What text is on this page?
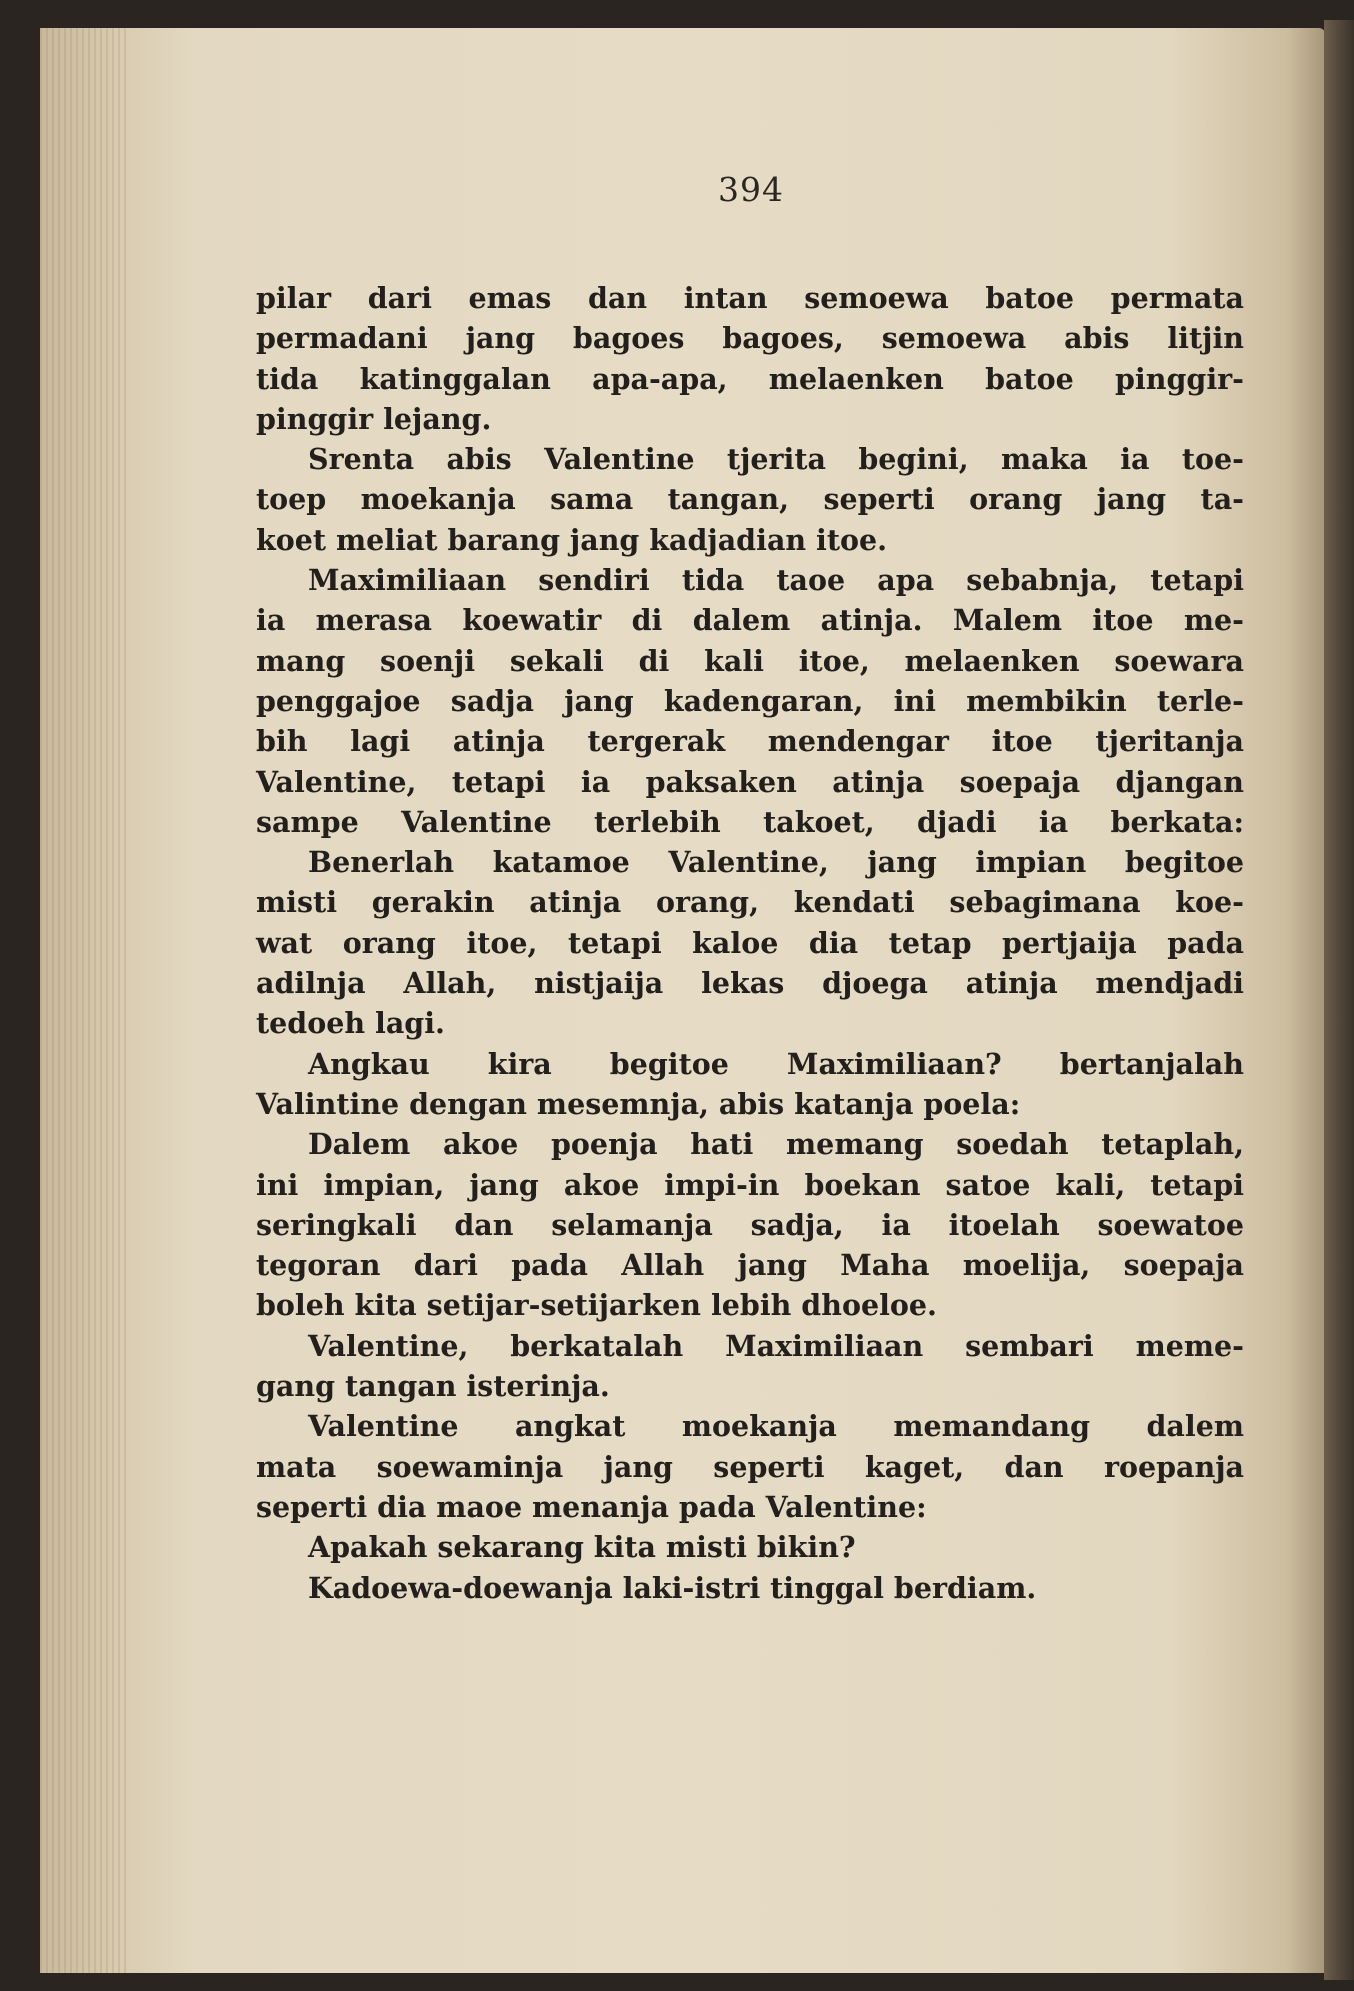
394

pilar dari emas dan intan semoewa batoe permata

permadani jang bagoes bagoes, semoewa abis litjin

tida katinggalan apa-apa, melaenken batoe pinggir-

pinggir lejang.

Srenta abis Valentine tjerita begini, maka ia toe-

toep moekanja sama tangan, seperti orang jang ta-

koet meliat barang jang kadjadian itoe.

Maximiliaan sendiri tida taoe apa sebabnja, tetapi

ia merasa koewatir di dalem atinja. Malem itoe me-

mang soenji sekali di kali itoe, melaenken soewara

penggajoe sadja jang kadengaran, ini membikin terle-

bih lagi atinja tergerak mendengar itoe tjeritanja

Valentine, tetapi ia paksaken atinja soepaja djangan

sampe Valentine terlebih takoet, djadi ia berkata:

Benerlah katamoe Valentine, jang impian begitoe

misti gerakin atinja orang, kendati sebagimana koe-

wat orang itoe, tetapi kaloe dia tetap pertjaija pada

adilnja Allah, nistjaija lekas djoega atinja mendjadi

tedoeh lagi.

Angkau kira begitoe Maximiliaan? bertanjalah

Valintine dengan mesemnja, abis katanja poela:

Dalem akoe poenja hati memang soedah tetaplah,

ini impian, jang akoe impi-in boekan satoe kali, tetapi

seringkali dan selamanja sadja, ia itoelah soewatoe

tegoran dari pada Allah jang Maha moelija, soepaja

boleh kita setijar-setijarken lebih dhoeloe.

Valentine, berkatalah Maximiliaan sembari meme-

gang tangan isterinja.

Valentine angkat moekanja memandang dalem

mata soewaminja jang seperti kaget, dan roepanja

seperti dia maoe menanja pada Valentine:

Apakah sekarang kita misti bikin?

Kadoewa-doewanja laki-istri tinggal berdiam.
